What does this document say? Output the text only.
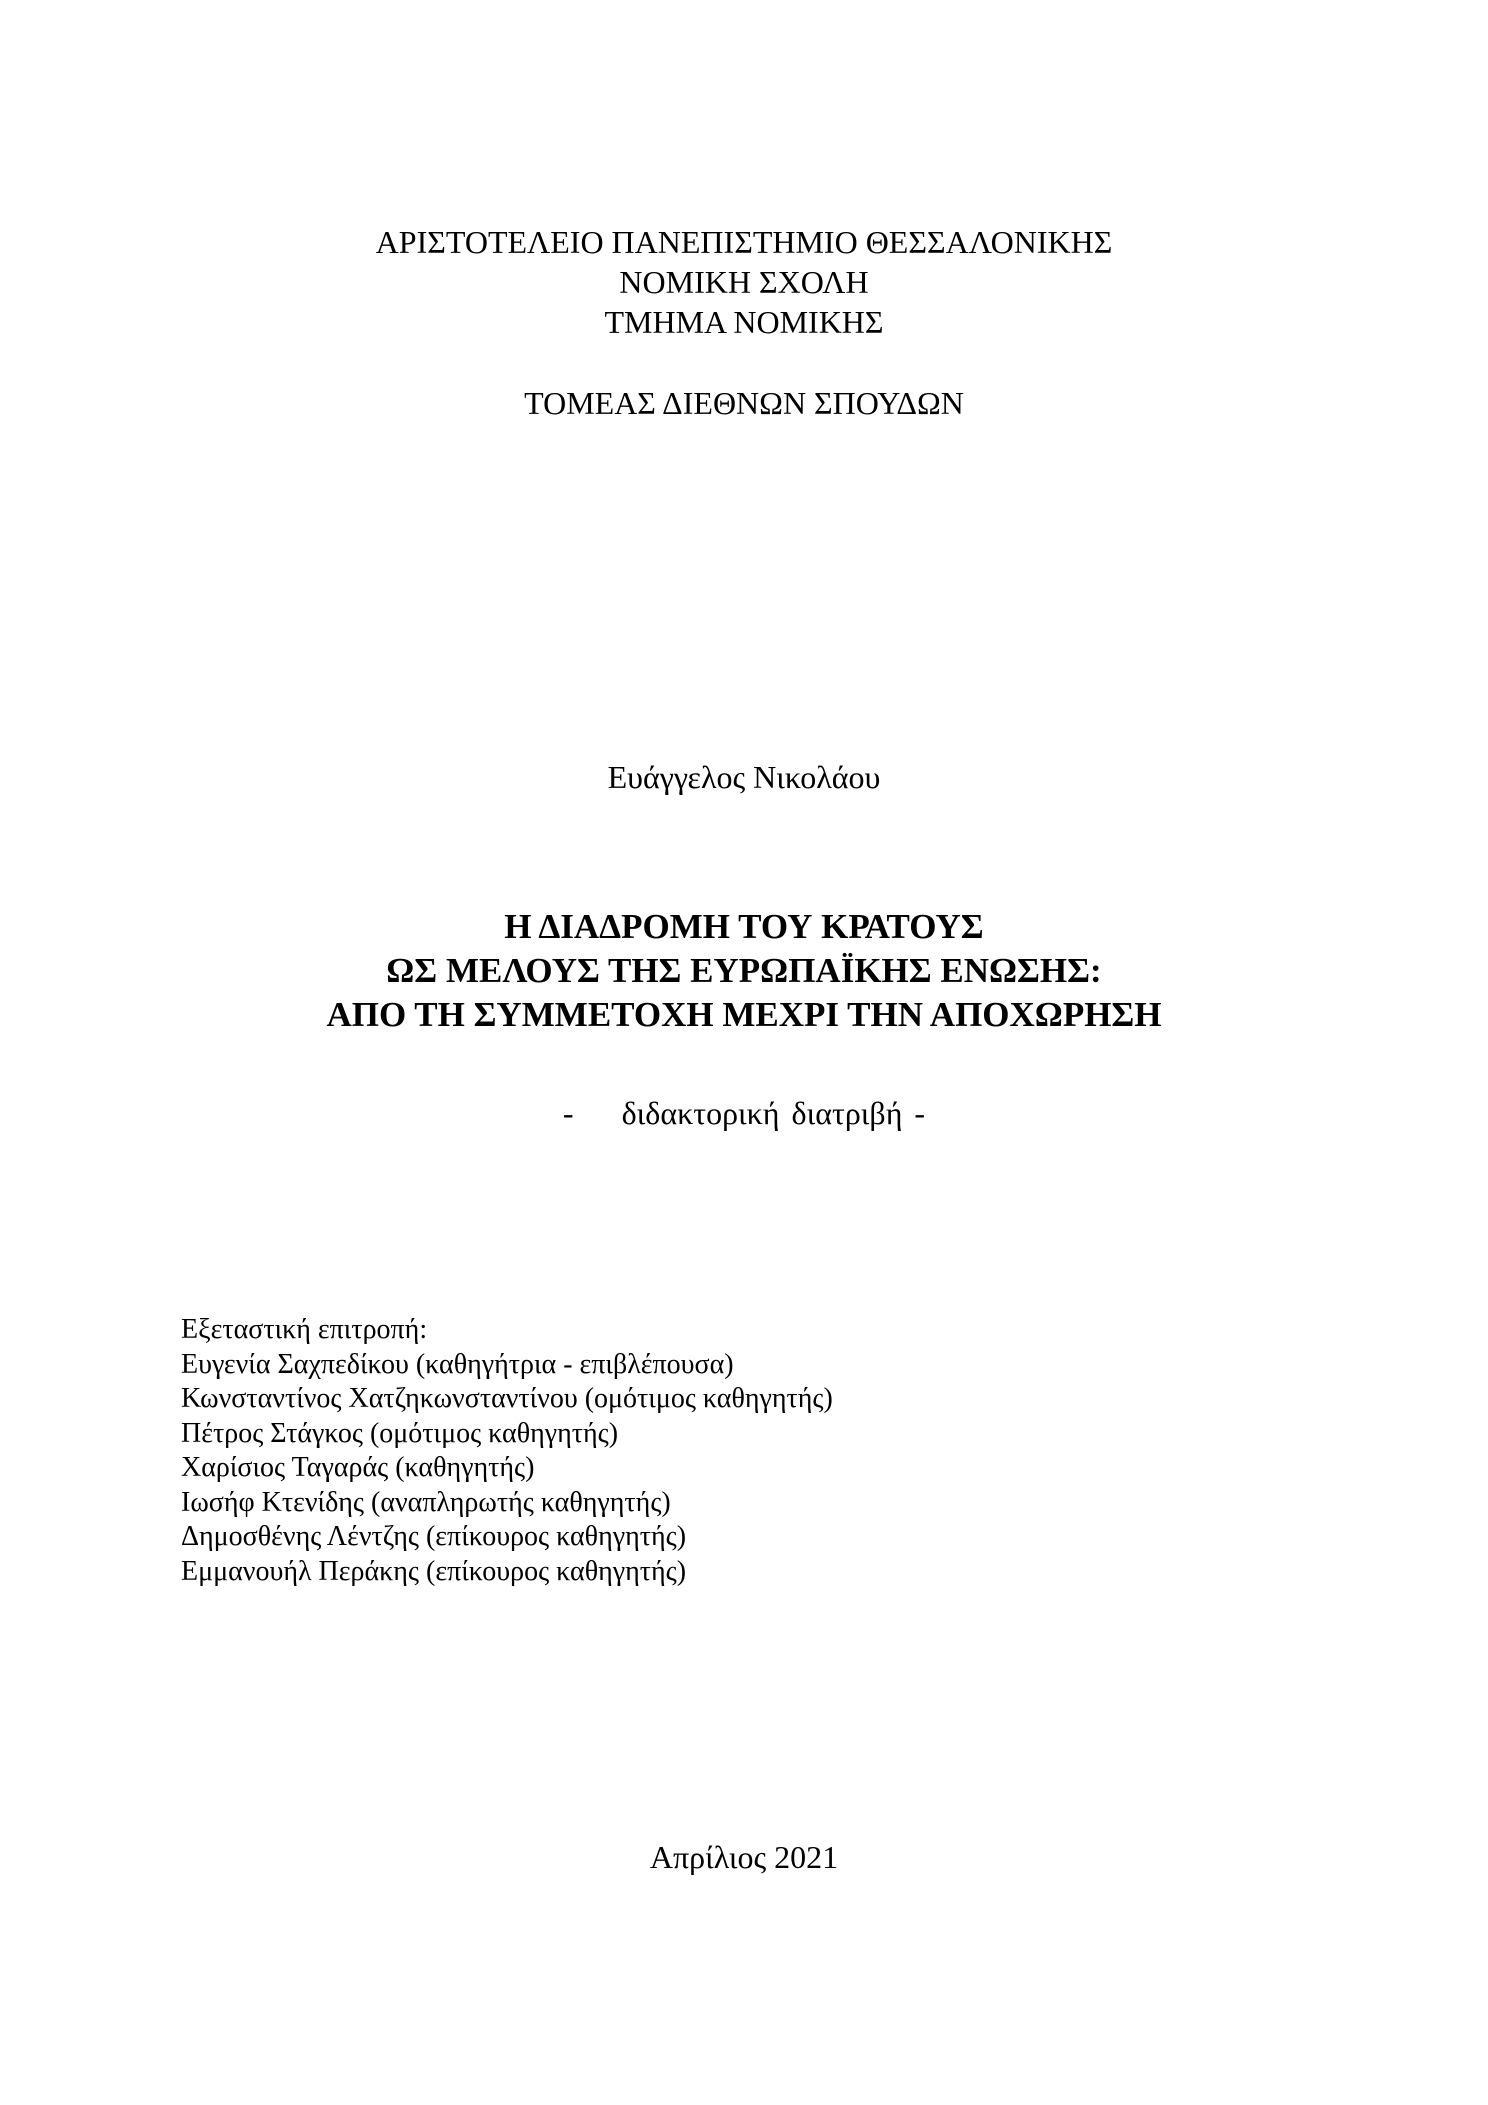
ΑΡΙΣΤΟΤΕΛΕΙΟ ΠΑΝΕΠΙΣΤΗΜΙΟ ΘΕΣΣΑΛΟΝΙΚΗΣ
ΝΟΜΙΚΗ ΣΧΟΛΗ
ΤΜΗΜΑ ΝΟΜΙΚΗΣ
ΤΟΜΕΑΣ ΔΙΕΘΝΩΝ ΣΠΟΥΔΩΝ
Ευάγγελος Νικολάου
Η ΔΙΑΔΡΟΜΗ ΤΟΥ ΚΡΑΤΟΥΣ
ΩΣ ΜΕΛΟΥΣ ΤΗΣ ΕΥΡΩΠΑΪΚΗΣ ΕΝΩΣΗΣ:
ΑΠΟ ΤΗ ΣΥΜΜΕΤΟΧΗ ΜΕΧΡΙ ΤΗΝ ΑΠΟΧΩΡΗΣΗ
-    διδακτορική διατριβή -
Εξεταστική επιτροπή:
Ευγενία Σαχπεδίκου (καθηγήτρια - επιβλέπουσα)
Κωνσταντίνος Χατζηκωνσταντίνου (ομότιμος καθηγητής)
Πέτρος Στάγκος (ομότιμος καθηγητής)
Χαρίσιος Ταγαράς (καθηγητής)
Ιωσήφ Κτενίδης (αναπληρωτής καθηγητής)
Δημοσθένης Λέντζης (επίκουρος καθηγητής)
Εμμανουήλ Περάκης (επίκουρος καθηγητής)
Απρίλιος 2021
